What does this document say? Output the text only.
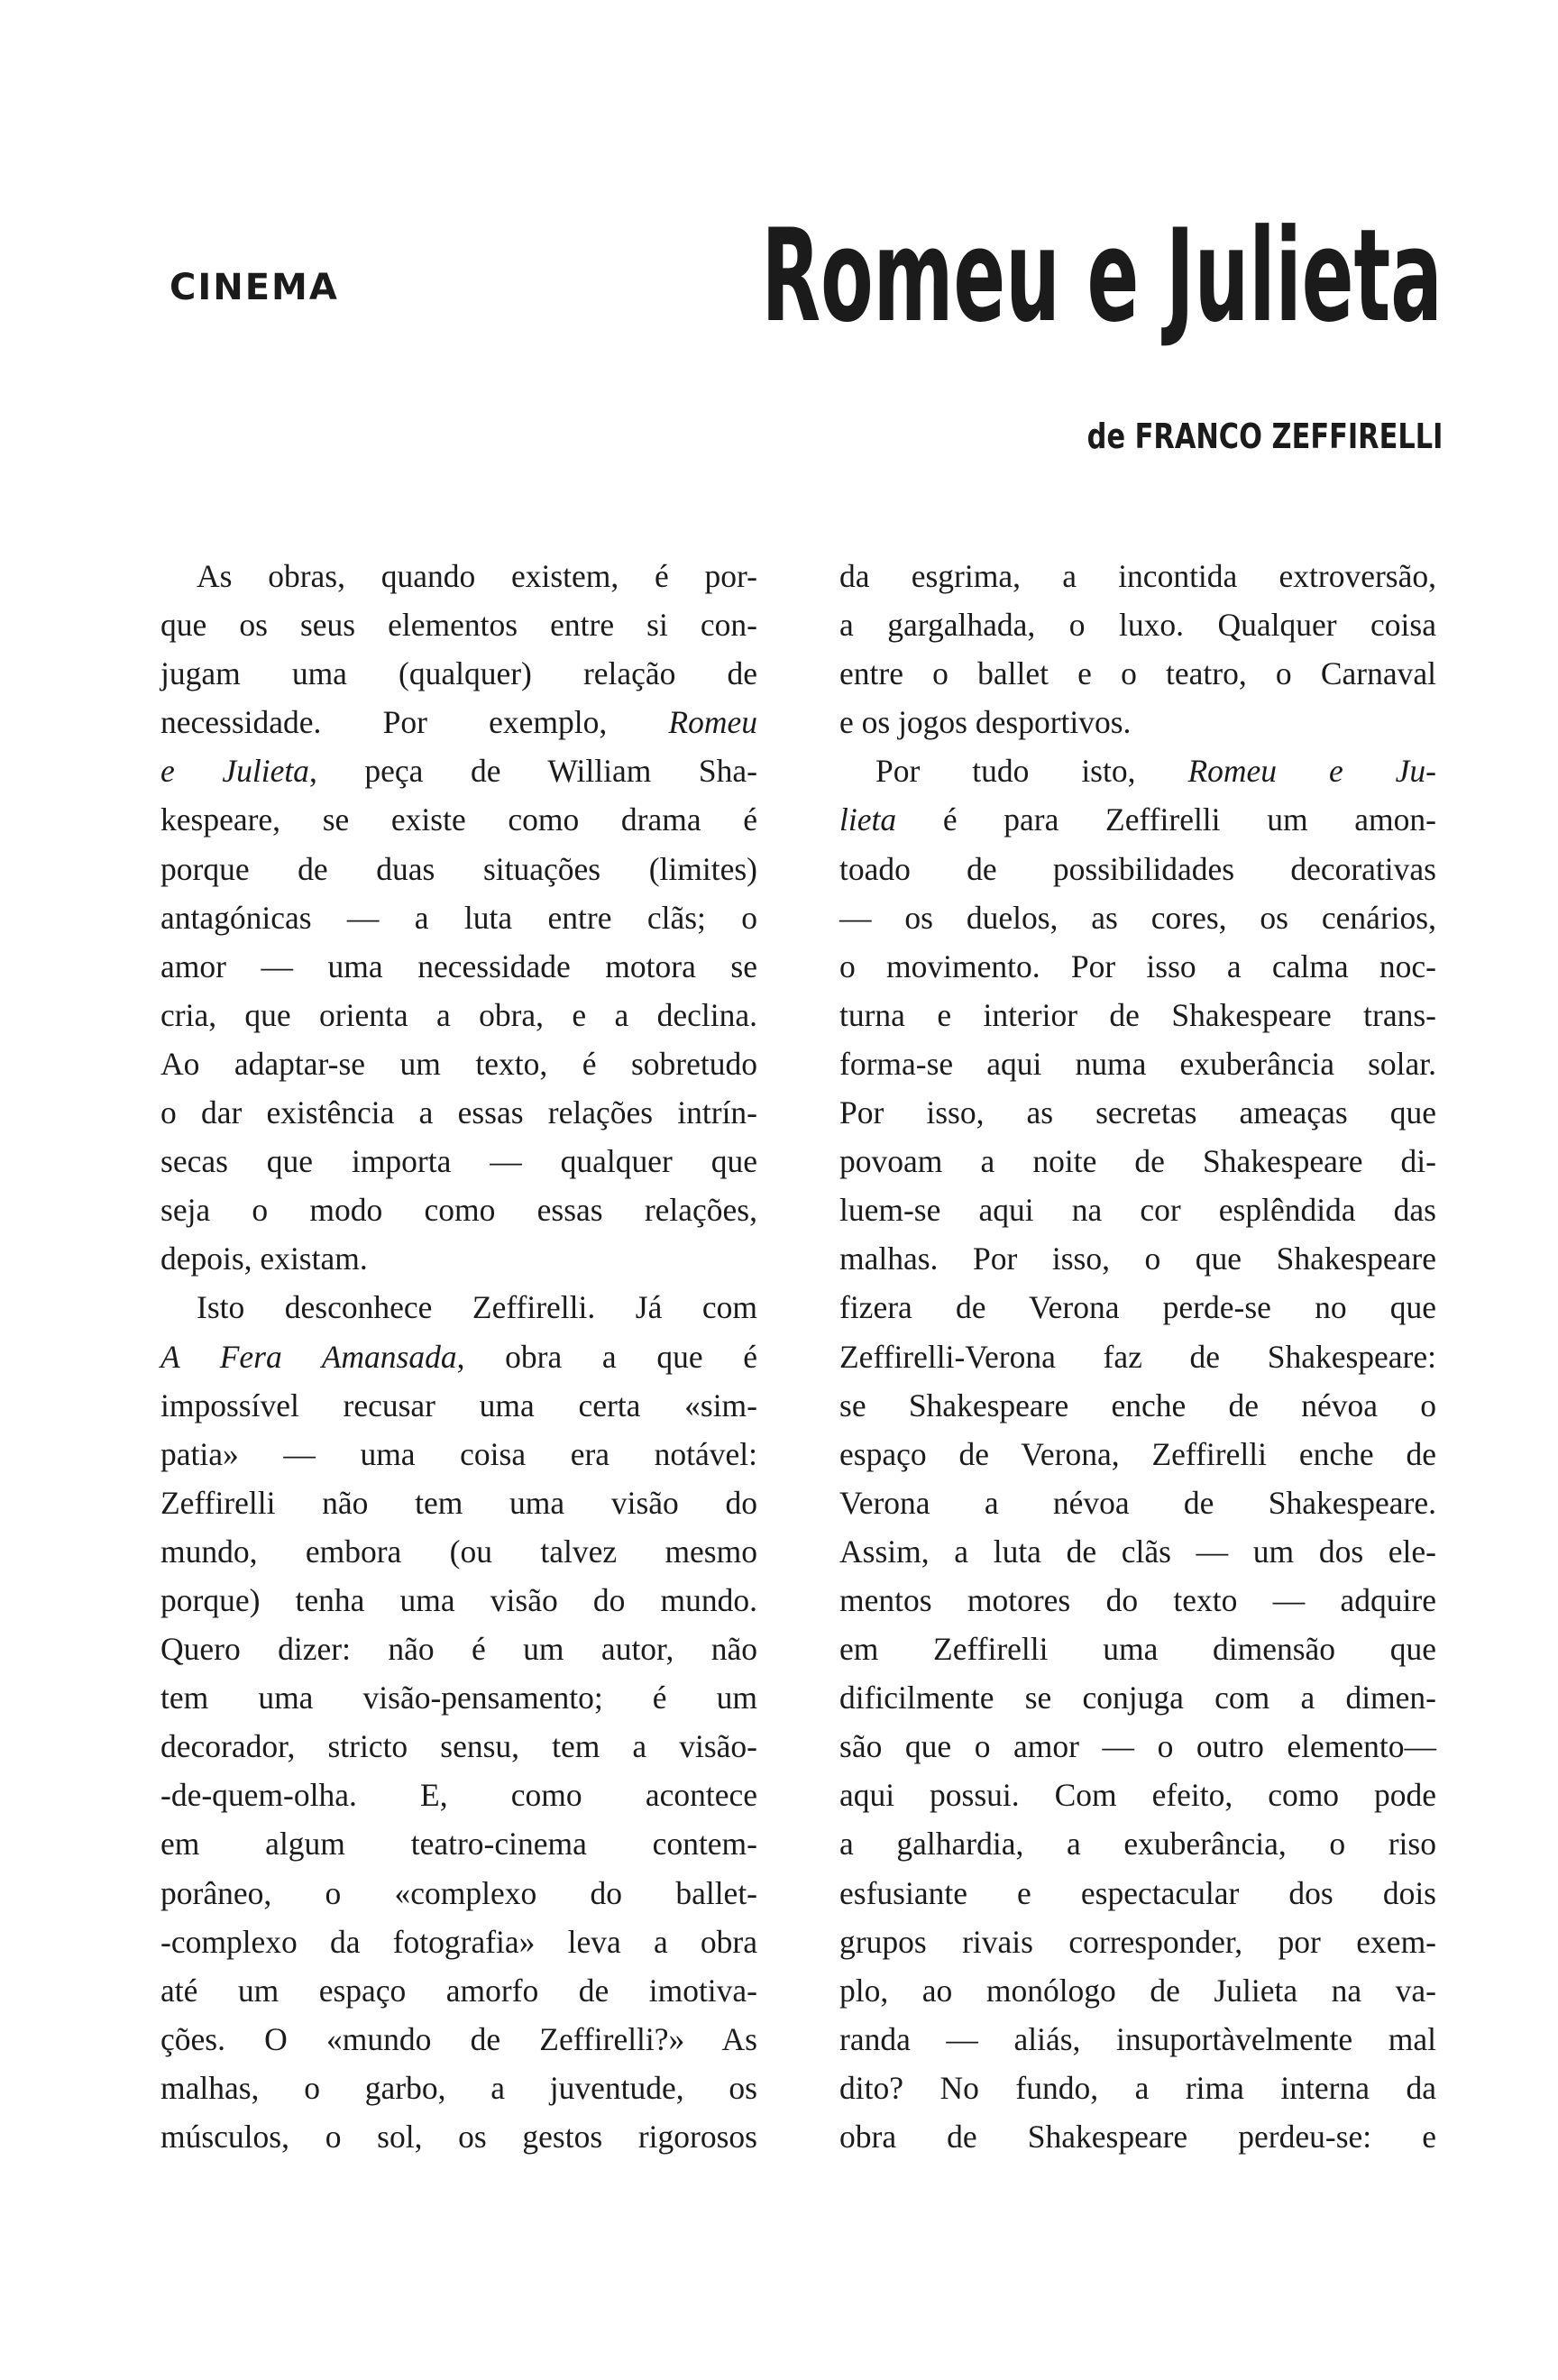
CINEMA	Romeu e Julieta
de FRANCO ZEFFIRELLI
As obras, quando existem, é por-
que os seus elementos entre si con-
jugam uma (qualquer) relação de
necessidade. Por exemplo, Romeu
e Julieta, peça de William Sha-
kespeare, se existe como drama é
porque de duas situações (limites)
antagónicas — a luta entre clãs; o
amor — uma necessidade motora se
cria, que orienta a obra, e a declina.
Ao adaptar-se um texto, é sobretudo
o dar existência a essas relações intrín-
secas que importa — qualquer que
seja o modo como essas relações,
depois, existam.
Isto desconhece Zeffirelli. Já com
A Fera Amansada, obra a que é
impossível recusar uma certa «sim-
patia» — uma coisa era notável:
Zeffirelli não tem uma visão do
mundo, embora (ou talvez mesmo
porque) tenha uma visão do mundo.
Quero dizer: não é um autor, não
tem uma visão-pensamento; é um
decorador, stricto sensu, tem a visão-
-de-quem-olha. E, como acontece
em algum teatro-cinema contem-
porâneo, o «complexo do ballet-
-complexo da fotografia» leva a obra
até um espaço amorfo de imotiva-
ções. O «mundo de Zeffirelli?» As
malhas, o garbo, a juventude, os
músculos, o sol, os gestos rigorosos
da esgrima, a incontida extroversão,
a gargalhada, o luxo. Qualquer coisa
entre o ballet e o teatro, o Carnaval
e os jogos desportivos.
Por tudo isto, Romeu e Ju-
lieta é para Zeffirelli um amon-
toado de possibilidades decorativas
— os duelos, as cores, os cenários,
o movimento. Por isso a calma noc-
turna e interior de Shakespeare trans-
forma-se aqui numa exuberância solar.
Por isso, as secretas ameaças que
povoam a noite de Shakespeare di-
luem-se aqui na cor esplêndida das
malhas. Por isso, o que Shakespeare
fizera de Verona perde-se no que
Zeffirelli-Verona faz de Shakespeare:
se Shakespeare enche de névoa o
espaço de Verona, Zeffirelli enche de
Verona a névoa de Shakespeare.
Assim, a luta de clãs — um dos ele-
mentos motores do texto — adquire
em Zeffirelli uma dimensão que
dificilmente se conjuga com a dimen-
são que o amor — o outro elemento—
aqui possui. Com efeito, como pode
a galhardia, a exuberância, o riso
esfusiante e espectacular dos dois
grupos rivais corresponder, por exem-
plo, ao monólogo de Julieta na va-
randa — aliás, insuportàvelmente mal
dito? No fundo, a rima interna da
obra de Shakespeare perdeu-se: e
